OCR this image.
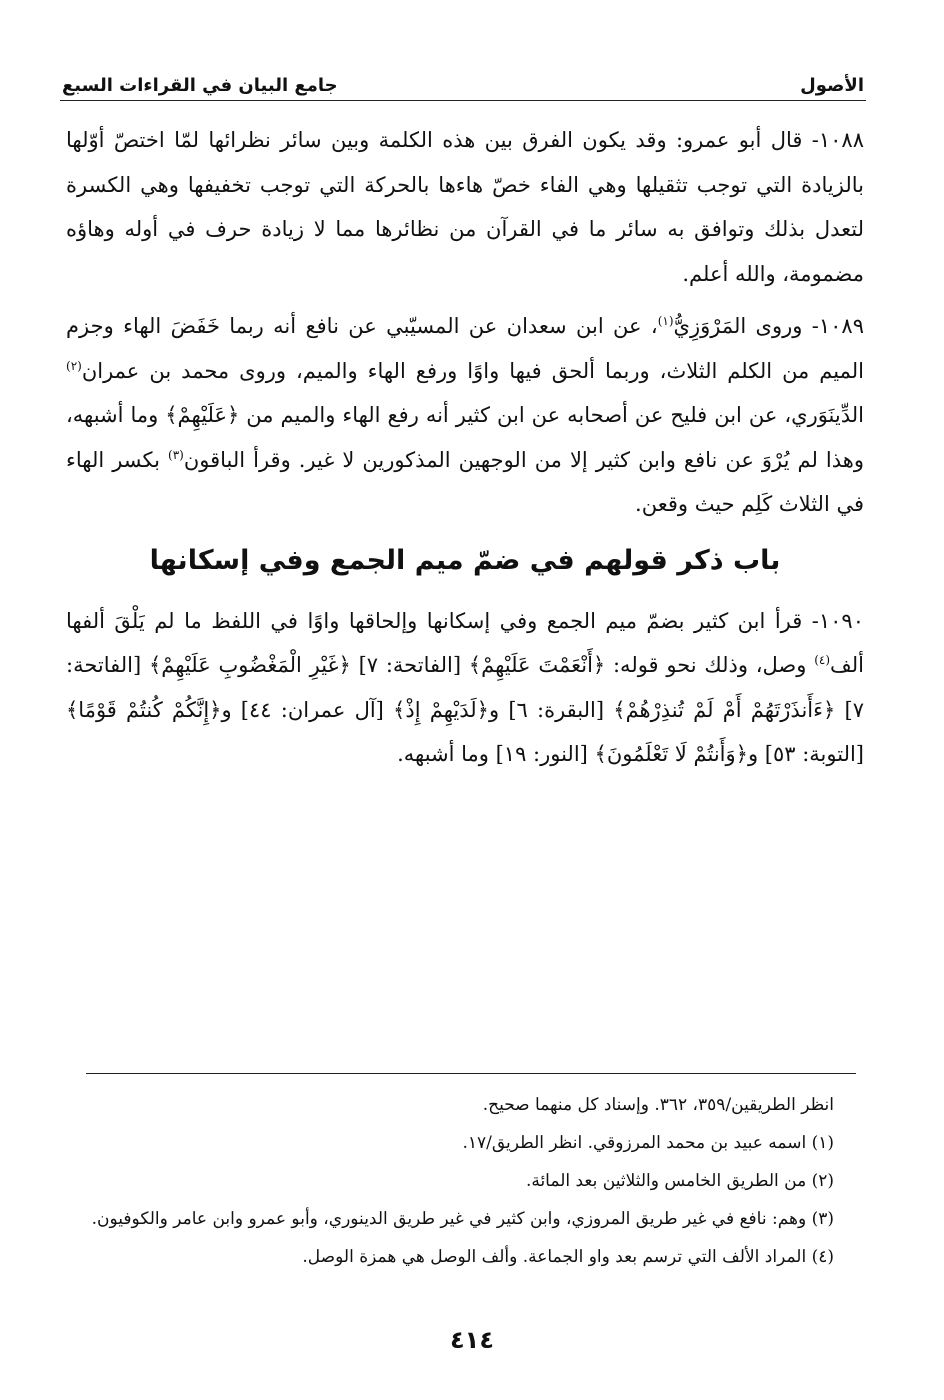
الأصول
جامع البيان في القراءات السبع

١٠٨٨- قال أبو عمرو: وقد يكون الفرق بين هذه الكلمة وبين سائر نظرائها لمّا اختصّ أوّلها بالزيادة التي توجب تثقيلها وهي الفاء خصّ هاءها بالحركة التي توجب تخفيفها وهي الكسرة لتعدل بذلك وتوافق به سائر ما في القرآن من نظائرها مما لا زيادة حرف في أوله وهاؤه مضمومة، والله أعلم.

١٠٨٩- وروى المَرْوَزِيُّ$^{(١)}$، عن ابن سعدان عن المسيّبي عن نافع أنه ربما خَفَضَ الهاء وجزم الميم من الكلم الثلاث، وربما ألحق فيها واوًا ورفع الهاء والميم، وروى محمد بن عمران$^{(٢)}$ الدِّينَوَري، عن ابن فليح عن أصحابه عن ابن كثير أنه رفع الهاء والميم من ﴿عَلَيْهِمْ﴾ وما أشبهه، وهذا لم يُرْوَ عن نافع وابن كثير إلا من الوجهين المذكورين لا غير. وقرأ الباقون$^{(٣)}$ بكسر الهاء في الثلاث كَلِم حيث وقعن.

باب ذكر قولهم في ضمّ ميم الجمع وفي إسكانها

١٠٩٠- قرأ ابن كثير بضمّ ميم الجمع وفي إسكانها وإلحاقها واوًا في اللفظ ما لم يَلْقَ ألفها ألف$^{(٤)}$ وصل، وذلك نحو قوله: ﴿أَنْعَمْتَ عَلَيْهِمْ﴾ [الفاتحة: ٧] ﴿غَيْرِ الْمَغْضُوبِ عَلَيْهِمْ﴾ [الفاتحة: ٧] ﴿ءَأَنذَرْتَهُمْ أَمْ لَمْ تُنذِرْهُمْ﴾ [البقرة: ٦] و﴿لَدَيْهِمْ إِذْ﴾ [آل عمران: ٤٤] و﴿إِنَّكُمْ كُنتُمْ قَوْمًا﴾ [التوبة: ٥٣] و﴿وَأَنتُمْ لَا تَعْلَمُونَ﴾ [النور: ١٩] وما أشبهه.

انظر الطريقين/٣٥٩، ٣٦٢. وإسناد كل منهما صحيح.

(١) اسمه عبيد بن محمد المرزوقي. انظر الطريق/١٧.

(٢) من الطريق الخامس والثلاثين بعد المائة.

(٣) وهم: نافع في غير طريق المروزي، وابن كثير في غير طريق الدينوري، وأبو عمرو وابن عامر والكوفيون.

(٤) المراد الألف التي ترسم بعد واو الجماعة. وألف الوصل هي همزة الوصل.

٤١٤
